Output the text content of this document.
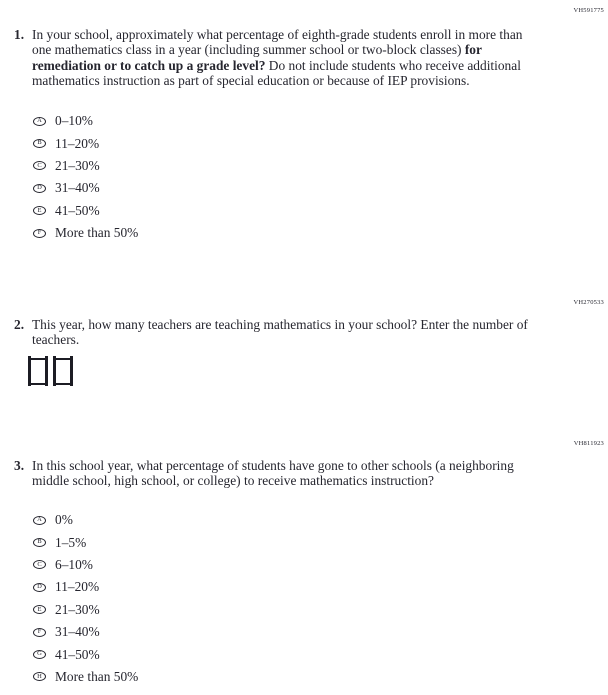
VH591775
1. In your school, approximately what percentage of eighth-grade students enroll in more than one mathematics class in a year (including summer school or two-block classes) for remediation or to catch up a grade level? Do not include students who receive additional mathematics instruction as part of special education or because of IEP provisions.
A 0–10%
B 11–20%
C 21–30%
D 31–40%
E 41–50%
F More than 50%
VH270533
2. This year, how many teachers are teaching mathematics in your school? Enter the number of teachers.
VH811923
3. In this school year, what percentage of students have gone to other schools (a neighboring middle school, high school, or college) to receive mathematics instruction?
A 0%
B 1–5%
C 6–10%
D 11–20%
E 21–30%
F 31–40%
G 41–50%
H More than 50%
